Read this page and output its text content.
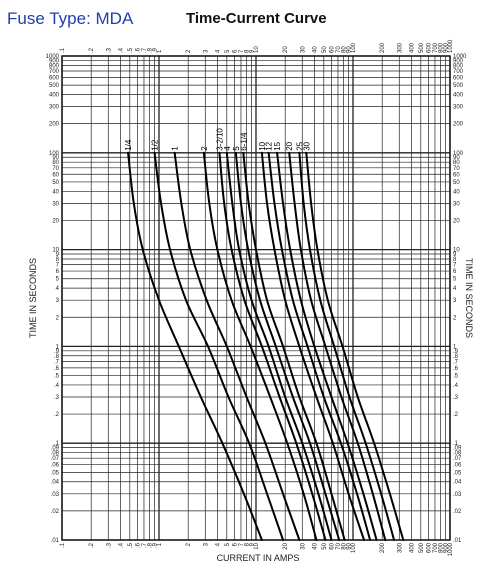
Fuse Type: MDA	Time-Current Curve
1/4 1/2 1	2 3-2/10
4 5
6-1/4 10
12 15 20 25
30
.1
.1
.2
.2
.3
.3
.4
.4
.5
.5
.6
.6
.7
.7
.8
.8
.9
.9
1
1
2
2
3
3
4
4
5
5
6
6
7
7
8
8
9
9
10
10
20
20
30
30
40
40
50
50
60
60
70
70
80
80
90
90
100
100
200
200
300
300
400
400
500
500
600
600
700
700
800
800
900
900
1000
1000
1000	1000
900	900
800	800
700	700
600	600
500	500
400	400
300	300
200	200
100	100
90	90
80	80
70	70
60	60
50	50
40	40
30	30
20	20
10	10
9	9
8	8
7	7
6	6
5	5
4	4
3	3
2	2
1	1
.9	.9
.8	.8
.7	.7
.6	.6
.5	.5
.4	.4
.3	.3
.2	.2
.1	.1
.09	.09
.08	.08
.07	.07
.06	.06
.05	.05
.04	.04
.03	.03
.02	.02
.01	.01
CURRENT IN AMPS
TIME IN SECONDS	TIME IN SECONDS
